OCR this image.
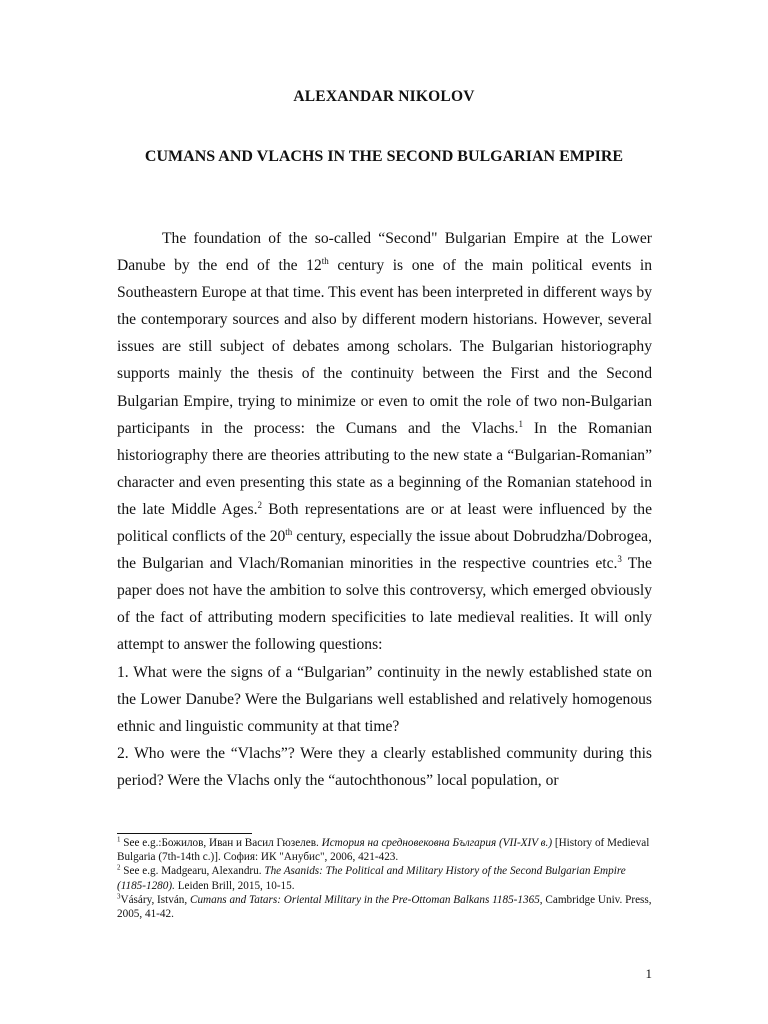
ALEXANDAR NIKOLOV
CUMANS AND VLACHS IN THE SECOND BULGARIAN EMPIRE

The foundation of the so-called “Second" Bulgarian Empire at the Lower Danube by the end of the 12th century is one of the main political events in Southeastern Europe at that time. This event has been interpreted in different ways by the contemporary sources and also by different modern historians. However, several issues are still subject of debates among scholars. The Bulgarian historiography supports mainly the thesis of the continuity between the First and the Second Bulgarian Empire, trying to minimize or even to omit the role of two non-Bulgarian participants in the process: the Cumans and the Vlachs.$^1$ In the Romanian historiography there are theories attributing to the new state a “Bulgarian-Romanian” character and even presenting this state as a beginning of the Romanian statehood in the late Middle Ages.$^2$ Both representations are or at least were influenced by the political conflicts of the 20th century, especially the issue about Dobrudzha/Dobrogea, the Bulgarian and Vlach/Romanian minorities in the respective countries etc.$^3$ The paper does not have the ambition to solve this controversy, which emerged obviously of the fact of attributing modern specificities to late medieval realities. It will only attempt to answer the following questions:

1. What were the signs of a “Bulgarian” continuity in the newly established state on the Lower Danube? Were the Bulgarians well established and relatively homogenous ethnic and linguistic community at that time?

2. Who were the “Vlachs”? Were they a clearly established community during this period? Were the Vlachs only the “autochthonous” local population, or

$^1$ See e.g.:Божилов, Иван и Васил Гюзелев. История на средновековна България (VII-XIV в.) [History of Medieval Bulgaria (7th-14th c.)]. София: ИК "Анубис", 2006, 421-423.

$^2$ See e.g. Madgearu, Alexandru. The Asanids: The Political and Military History of the Second Bulgarian Empire (1185-1280). Leiden Brill, 2015, 10-15.

$^3$Vásáry, István, Cumans and Tatars: Oriental Military in the Pre-Ottoman Balkans 1185-1365, Cambridge Univ. Press, 2005, 41-42.

1
